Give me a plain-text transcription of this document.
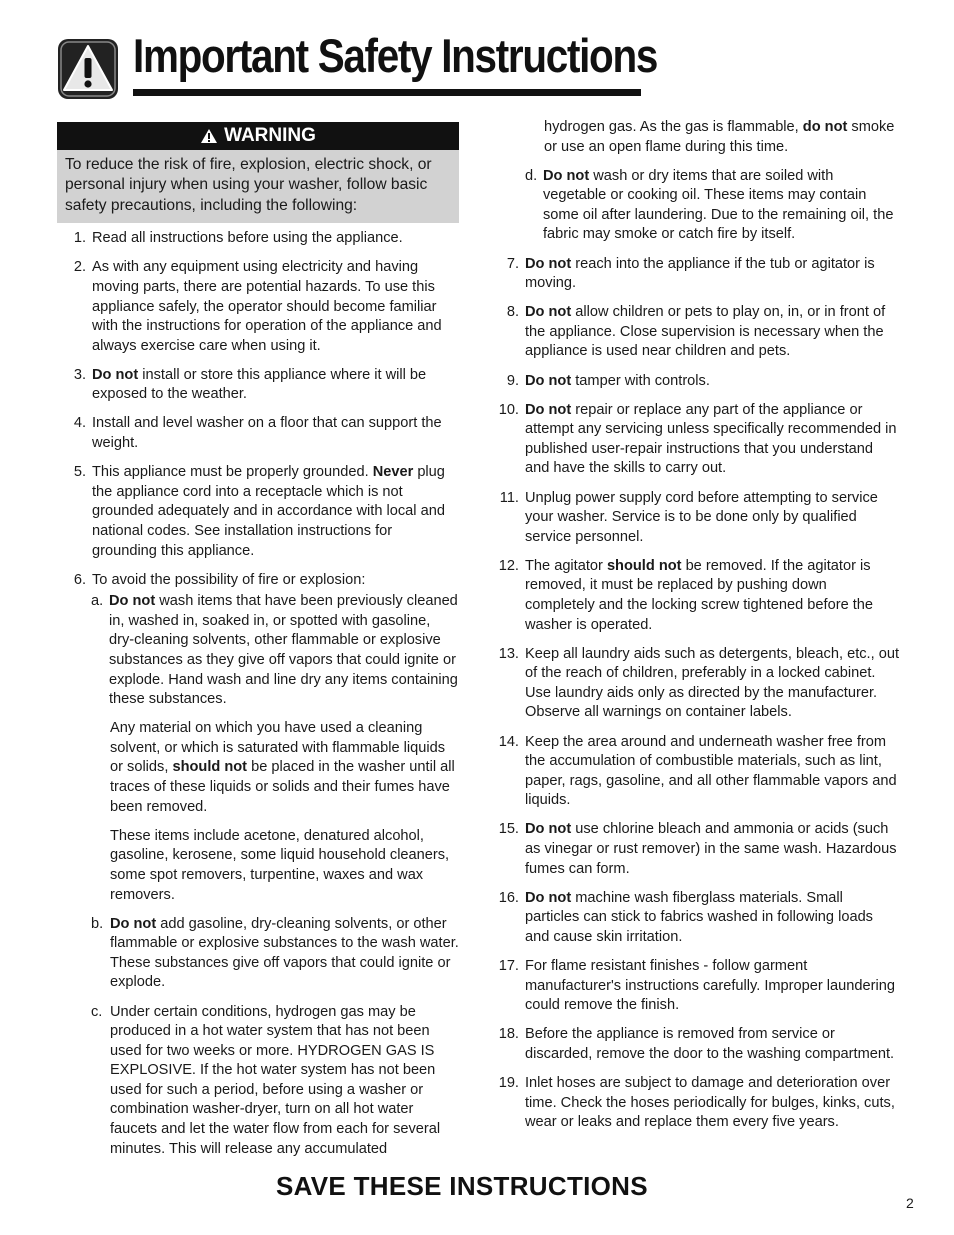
Important Safety Instructions
WARNING
To reduce the risk of fire, explosion, electric shock, or personal injury when using your washer, follow basic safety precautions, including the following:
1. Read all instructions before using the appliance.
2. As with any equipment using electricity and having moving parts, there are potential hazards. To use this appliance safely, the operator should become familiar with the instructions for operation of the appliance and always exercise care when using it.
3. Do not install or store this appliance where it will be exposed to the weather.
4. Install and level washer on a floor that can support the weight.
5. This appliance must be properly grounded. Never plug the appliance cord into a receptacle which is not grounded adequately and in accordance with local and national codes. See installation instructions for grounding this appliance.
6. To avoid the possibility of fire or explosion:
a. Do not wash items that have been previously cleaned in, washed in, soaked in, or spotted with gasoline, dry-cleaning solvents, other flammable or explosive substances as they give off vapors that could ignite or explode. Hand wash and line dry any items containing these substances.

Any material on which you have used a cleaning solvent, or which is saturated with flammable liquids or solids, should not be placed in the washer until all traces of these liquids or solids and their fumes have been removed.

These items include acetone, denatured alcohol, gasoline, kerosene, some liquid household cleaners, some spot removers, turpentine, waxes and wax removers.

b. Do not add gasoline, dry-cleaning solvents, or other flammable or explosive substances to the wash water. These substances give off vapors that could ignite or explode.
c. Under certain conditions, hydrogen gas may be produced in a hot water system that has not been used for two weeks or more. HYDROGEN GAS IS EXPLOSIVE. If the hot water system has not been used for such a period, before using a washer or combination washer-dryer, turn on all hot water faucets and let the water flow from each for several minutes. This will release any accumulated
hydrogen gas. As the gas is flammable, do not smoke or use an open flame during this time.
d. Do not wash or dry items that are soiled with vegetable or cooking oil. These items may contain some oil after laundering. Due to the remaining oil, the fabric may smoke or catch fire by itself.
7. Do not reach into the appliance if the tub or agitator is moving.
8. Do not allow children or pets to play on, in, or in front of the appliance. Close supervision is necessary when the appliance is used near children and pets.
9. Do not tamper with controls.
10. Do not repair or replace any part of the appliance or attempt any servicing unless specifically recommended in published user-repair instructions that you understand and have the skills to carry out.
11. Unplug power supply cord before attempting to service your washer. Service is to be done only by qualified service personnel.
12. The agitator should not be removed. If the agitator is removed, it must be replaced by pushing down completely and the locking screw tightened before the washer is operated.
13. Keep all laundry aids such as detergents, bleach, etc., out of the reach of children, preferably in a locked cabinet. Use laundry aids only as directed by the manufacturer. Observe all warnings on container labels.
14. Keep the area around and underneath washer free from the accumulation of combustible materials, such as lint, paper, rags, gasoline, and all other flammable vapors and liquids.
15. Do not use chlorine bleach and ammonia or acids (such as vinegar or rust remover) in the same wash. Hazardous fumes can form.
16. Do not machine wash fiberglass materials. Small particles can stick to fabrics washed in following loads and cause skin irritation.
17. For flame resistant finishes - follow garment manufacturer's instructions carefully. Improper laundering could remove the finish.
18. Before the appliance is removed from service or discarded, remove the door to the washing compartment.
19. Inlet hoses are subject to damage and deterioration over time. Check the hoses periodically for bulges, kinks, cuts, wear or leaks and replace them every five years.
SAVE THESE INSTRUCTIONS
2
